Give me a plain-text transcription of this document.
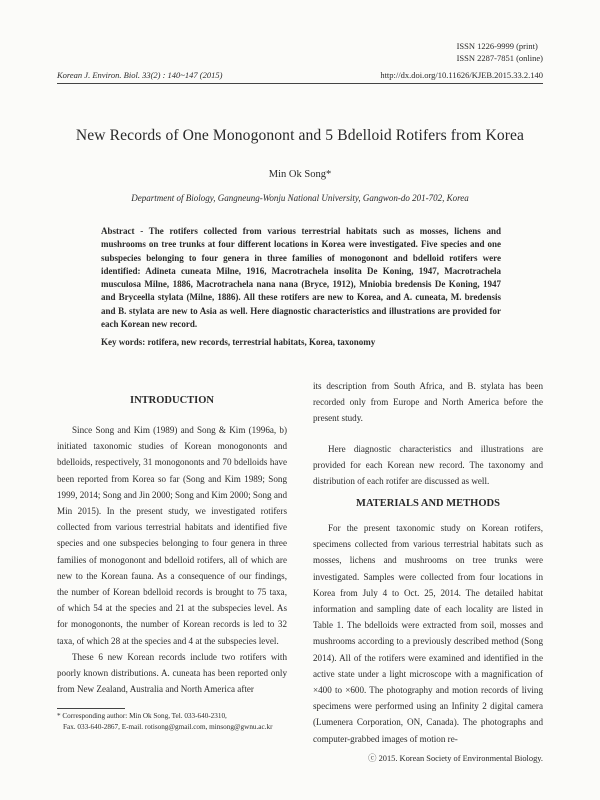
ISSN 1226-9999 (print)
ISSN 2287-7851 (online)
Korean J. Environ. Biol. 33(2) : 140~147 (2015)	http://dx.doi.org/10.11626/KJEB.2015.33.2.140
New Records of One Monogonont and 5 Bdelloid Rotifers from Korea
Min Ok Song*
Department of Biology, Gangneung-Wonju National University, Gangwon-do 201-702, Korea
Abstract - The rotifers collected from various terrestrial habitats such as mosses, lichens and mushrooms on tree trunks at four different locations in Korea were investigated. Five species and one subspecies belonging to four genera in three families of monogonont and bdelloid rotifers were identified: Adineta cuneata Milne, 1916, Macrotrachela insolita De Koning, 1947, Macrotrachela musculosa Milne, 1886, Macrotrachela nana nana (Bryce, 1912), Mniobia bredensis De Koning, 1947 and Bryceella stylata (Milne, 1886). All these rotifers are new to Korea, and A. cuneata, M. bredensis and B. stylata are new to Asia as well. Here diagnostic characteristics and illustrations are provided for each Korean new record.
Key words: rotifera, new records, terrestrial habitats, Korea, taxonomy
INTRODUCTION

Since Song and Kim (1989) and Song & Kim (1996a, b) initiated taxonomic studies of Korean monogononts and bdelloids, respectively, 31 monogononts and 70 bdelloids have been reported from Korea so far (Song and Kim 1989; Song 1999, 2014; Song and Jin 2000; Song and Kim 2000; Song and Min 2015). In the present study, we investigated rotifers collected from various terrestrial habitats and identified five species and one subspecies belonging to four genera in three families of monogonont and bdelloid rotifers, all of which are new to the Korean fauna. As a consequence of our findings, the number of Korean bdelloid records is brought to 75 taxa, of which 54 at the species and 21 at the subspecies level. As for monogononts, the number of Korean records is led to 32 taxa, of which 28 at the species and 4 at the subspecies level.

These 6 new Korean records include two rotifers with poorly known distributions. A. cuneata has been reported only from New Zealand, Australia and North America after

its description from South Africa, and B. stylata has been recorded only from Europe and North America before the present study.

Here diagnostic characteristics and illustrations are provided for each Korean new record. The taxonomy and distribution of each rotifer are discussed as well.

MATERIALS AND METHODS

For the present taxonomic study on Korean rotifers, specimens collected from various terrestrial habitats such as mosses, lichens and mushrooms on tree trunks were investigated. Samples were collected from four locations in Korea from July 4 to Oct. 25, 2014. The detailed habitat information and sampling date of each locality are listed in Table 1. The bdelloids were extracted from soil, mosses and mushrooms according to a previously described method (Song 2014). All of the rotifers were examined and identified in the active state under a light microscope with a magnification of ×400 to ×600. The photography and motion records of living specimens were performed using an Infinity 2 digital camera (Lumenera Corporation, ON, Canada). The photographs and computer-grabbed images of motion re-

* Corresponding author: Min Ok Song, Tel. 033-640-2310,
Fax. 033-640-2867, E-mail. rotisong@gmail.com, minsong@gwnu.ac.kr
ⓒ 2015. Korean Society of Environmental Biology.
